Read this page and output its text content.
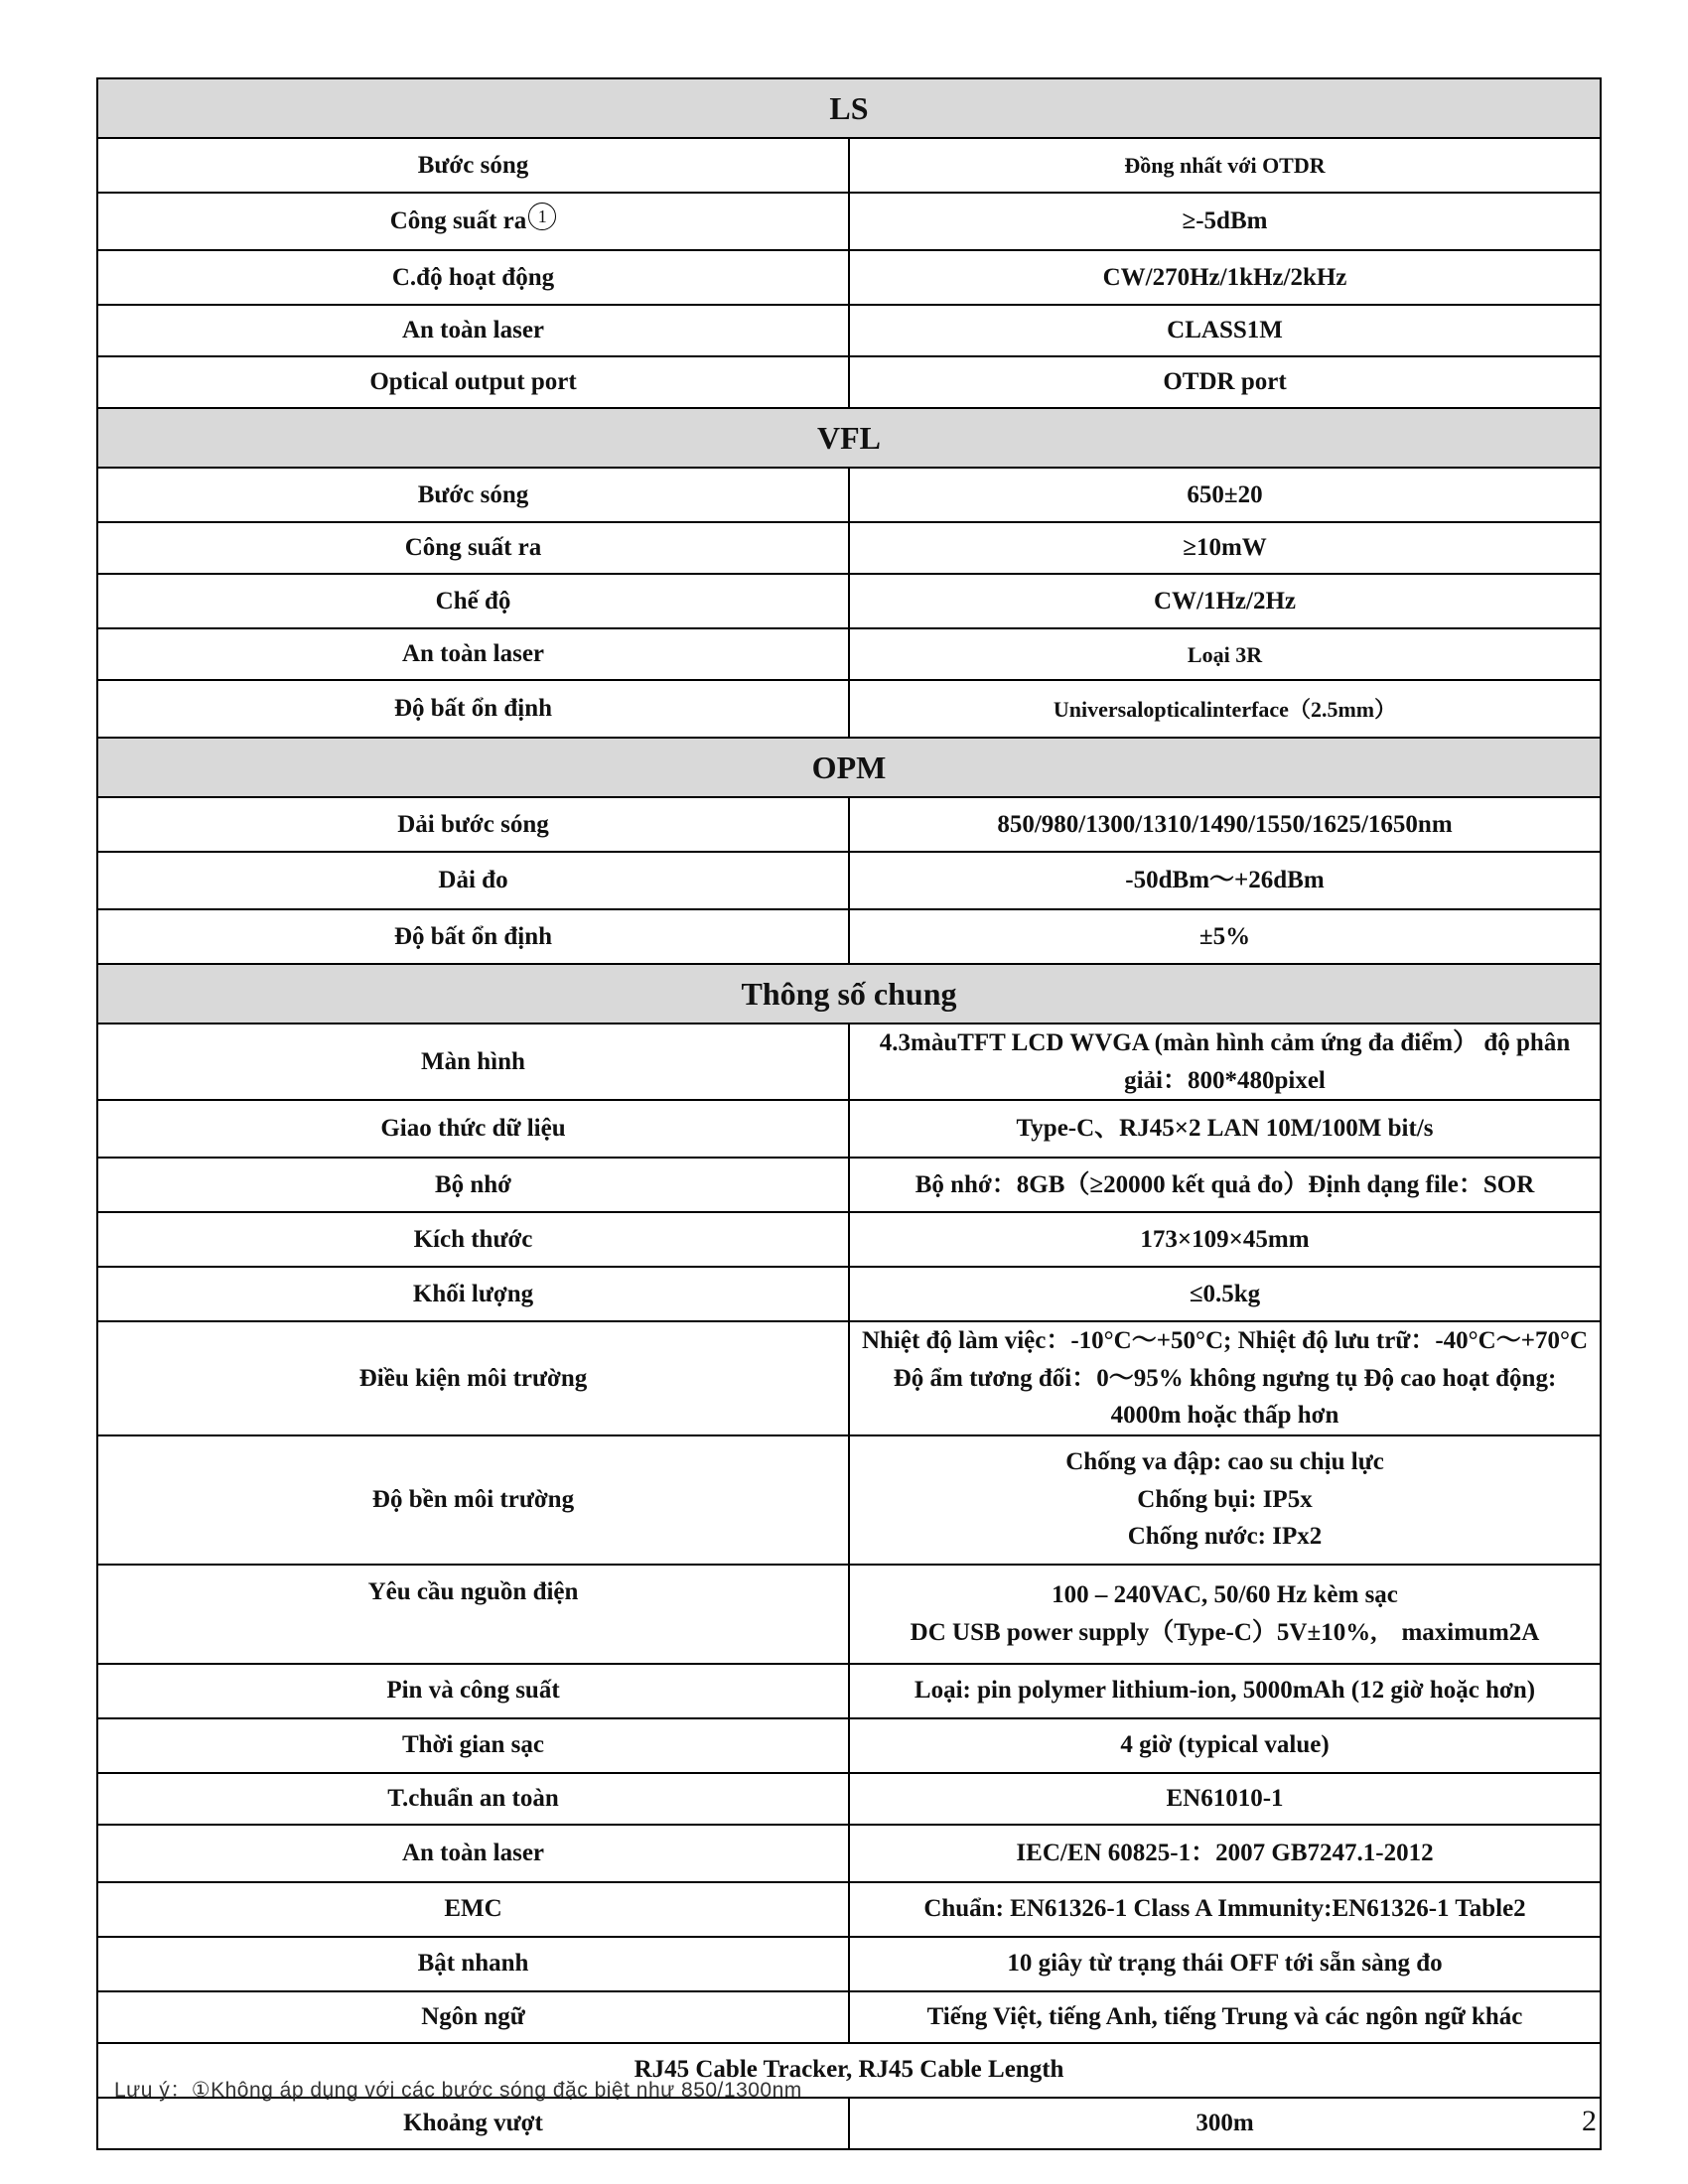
LS	
Bước sóng	Đồng nhất với OTDR
Công suất ra 1	≥-5dBm
C.độ hoạt động	CW/270Hz/1kHz/2kHz
An toàn laser	CLASS1M
Optical output port	OTDR port
VFL	
Bước sóng	650±20
Công suất ra	≥10mW
Chế độ	CW/1Hz/2Hz
An toàn laser	Loại 3R
Độ bất ổn định	Universalopticalinterface（2.5mm）
OPM	
Dải bước sóng	850/980/1300/1310/1490/1550/1625/1650nm
Dải đo	-50dBm～+26dBm
Độ bất ổn định	±5%
Thông số chung	
Màn hình	4.3màuTFT LCD WVGA (màn hình cảm ứng đa điểm） độ phân giải：800*480pixel
Giao thức dữ liệu	Type-C、RJ45×2 LAN 10M/100M bit/s
Bộ nhớ	Bộ nhớ：8GB（≥20000 kết quả đo）Định dạng file：SOR
Kích thước	173×109×45mm
Khối lượng	≤0.5kg
Điều kiện môi trường	Nhiệt độ làm việc：-10°C～+50°C; Nhiệt độ lưu trữ：-40°C～+70°C
Độ ẩm tương đối：0～95% không ngưng tụ Độ cao hoạt động: 4000m hoặc thấp hơn

Độ bền môi trường	Chống va đập: cao su chịu lực
Chống bụi: IP5x
Chống nước: IPx2

Yêu cầu nguồn điện	100 – 240VAC, 50/60 Hz kèm sạc
DC USB power supply（Type-C）5V±10%,　maximum2A

Pin và công suất	Loại: pin polymer lithium-ion, 5000mAh (12 giờ hoặc hơn)
Thời gian sạc	4 giờ (typical value)
T.chuẩn an toàn	EN61010-1
An toàn laser	IEC/EN 60825-1：2007 GB7247.1-2012
EMC	Chuẩn: EN61326-1 Class A Immunity:EN61326-1 Table2
Bật nhanh	10 giây từ trạng thái OFF tới sẵn sàng đo
Ngôn ngữ	Tiếng Việt, tiếng Anh, tiếng Trung và các ngôn ngữ khác
RJ45 Cable Tracker, RJ45 Cable Length	
Khoảng vượt	300m
Lưu ý：①Không áp dụng với các bước sóng đặc biệt như 850/1300nm
2
